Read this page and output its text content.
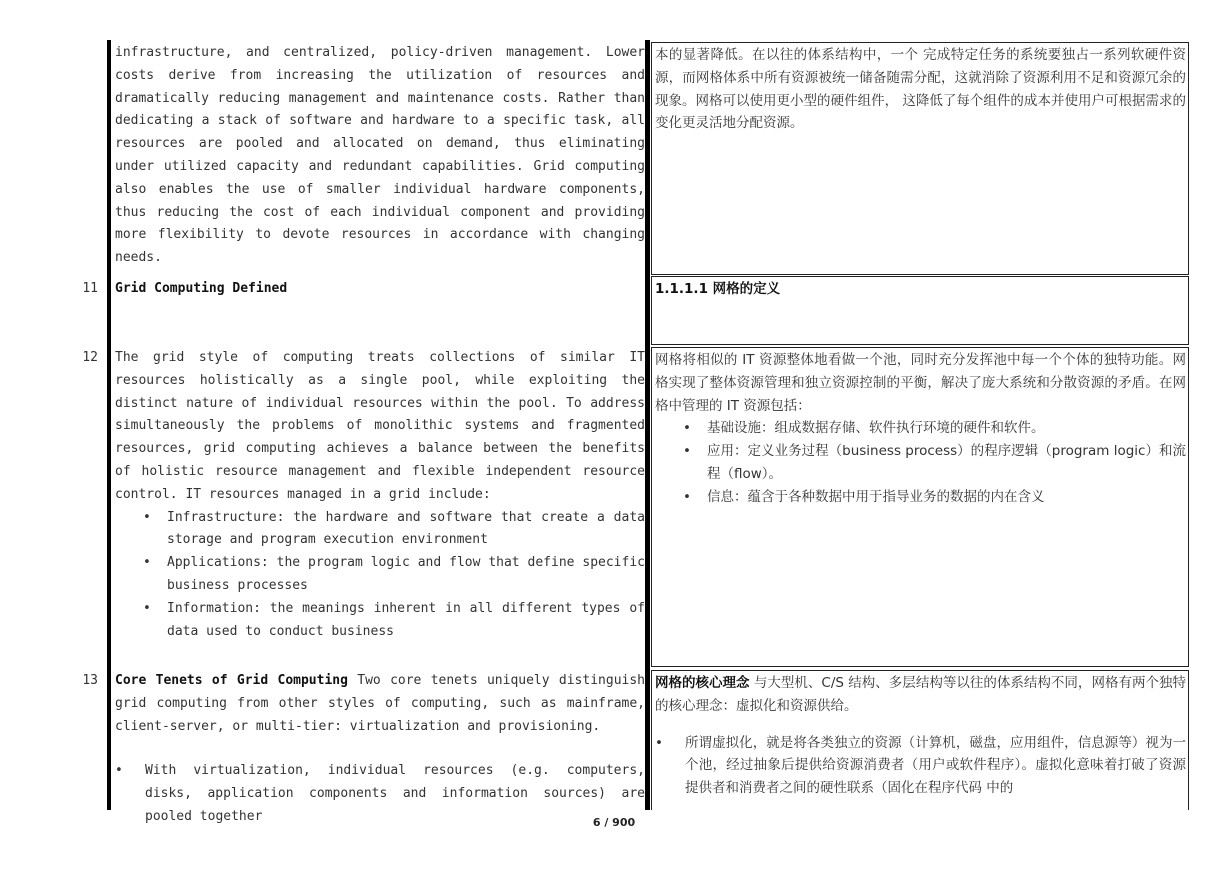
infrastructure, and centralized, policy-driven management. Lower costs derive from increasing the utilization of resources and dramatically reducing management and maintenance costs. Rather than dedicating a stack of software and hardware to a specific task, all resources are pooled and allocated on demand, thus eliminating under utilized capacity and redundant capabilities. Grid computing also enables the use of smaller individual hardware components, thus reducing the cost of each individual component and providing more flexibility to devote resources in accordance with changing needs.

本的显著降低。在以往的体系结构中，一个 完成特定任务的系统要独占一系列软硬件资源，而网格体系中所有资源被统一储备随需分配，这就消除了资源利用不足和资源冗余的现象。网格可以使用更小型的硬件组件， 这降低了每个组件的成本并使用户可根据需求的变化更灵活地分配资源。

11 Grid Computing Defined	1.1.1.1 网格的定义

12 The grid style of computing treats collections of similar IT resources holistically as a single pool, while exploiting the distinct nature of individual resources within the pool. To address simultaneously the problems of monolithic systems and fragmented resources, grid computing achieves a balance between the benefits of holistic resource management and flexible independent resource control. IT resources managed in a grid include:

• Infrastructure: the hardware and software that create a data storage and program execution environment
• Applications: the program logic and flow that define specific business processes
• Information: the meanings inherent in all different types of data used to conduct business

网格将相似的 IT 资源整体地看做一个池，同时充分发挥池中每一个个体的独特功能。网格实现了整体资源管理和独立资源控制的平衡，解决了庞大系统和分散资源的矛盾。在网格中管理的 IT 资源包括：

• 基础设施：组成数据存储、软件执行环境的硬件和软件。
• 应用：定义业务过程（business process）的程序逻辑（program logic）和流程（flow）。
• 信息：蕴含于各种数据中用于指导业务的数据的内在含义
13 Core Tenets of Grid Computing Two core tenets uniquely distinguish grid computing from other styles of computing, such as mainframe, client-server, or multi-tier: virtualization and provisioning.

• With virtualization, individual resources (e.g. computers, disks, application components and information sources) are pooled together

网格的核心理念 与大型机、C/S 结构、多层结构等以往的体系结构不同，网格有两个独特的核心理念：虚拟化和资源供给。

• 所谓虚拟化，就是将各类独立的资源（计算机，磁盘，应用组件，信息源等）视为一个池，经过抽象后提供给资源消费者（用户或软件程序）。虚拟化意味着打破了资源提供者和消费者之间的硬性联系（固化在程序代码 中的

6 / 900
